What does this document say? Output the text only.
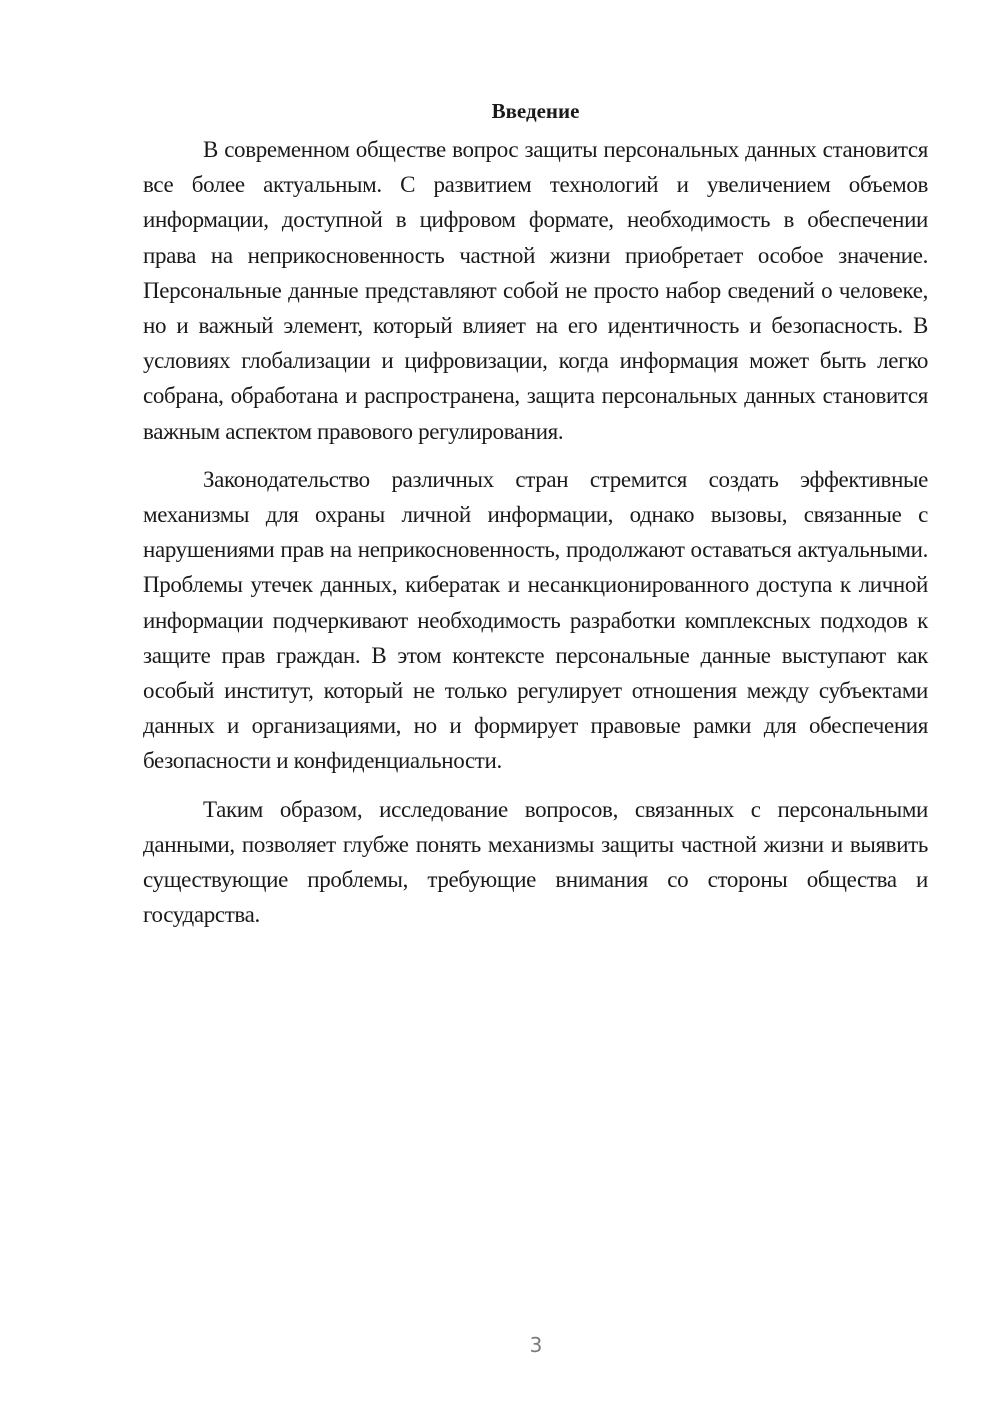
Введение

В современном обществе вопрос защиты персональных данных становится все более актуальным. С развитием технологий и увеличением объемов информации, доступной в цифровом формате, необходимость в обеспечении права на неприкосновенность частной жизни приобретает особое значение. Персональные данные представляют собой не просто набор сведений о человеке, но и важный элемент, который влияет на его идентичность и безопасность. В условиях глобализации и цифровизации, когда информация может быть легко собрана, обработана и распространена, защита персональных данных становится важным аспектом правового регулирования.

Законодательство различных стран стремится создать эффективные механизмы для охраны личной информации, однако вызовы, связанные с нарушениями прав на неприкосновенность, продолжают оставаться актуальными. Проблемы утечек данных, кибератак и несанкционированного доступа к личной информации подчеркивают необходимость разработки комплексных подходов к защите прав граждан. В этом контексте персональные данные выступают как особый институт, который не только регулирует отношения между субъектами данных и организациями, но и формирует правовые рамки для обеспечения безопасности и конфиденциальности.

Таким образом, исследование вопросов, связанных с персональными данными, позволяет глубже понять механизмы защиты частной жизни и выявить существующие проблемы, требующие внимания со стороны общества и государства.

3
